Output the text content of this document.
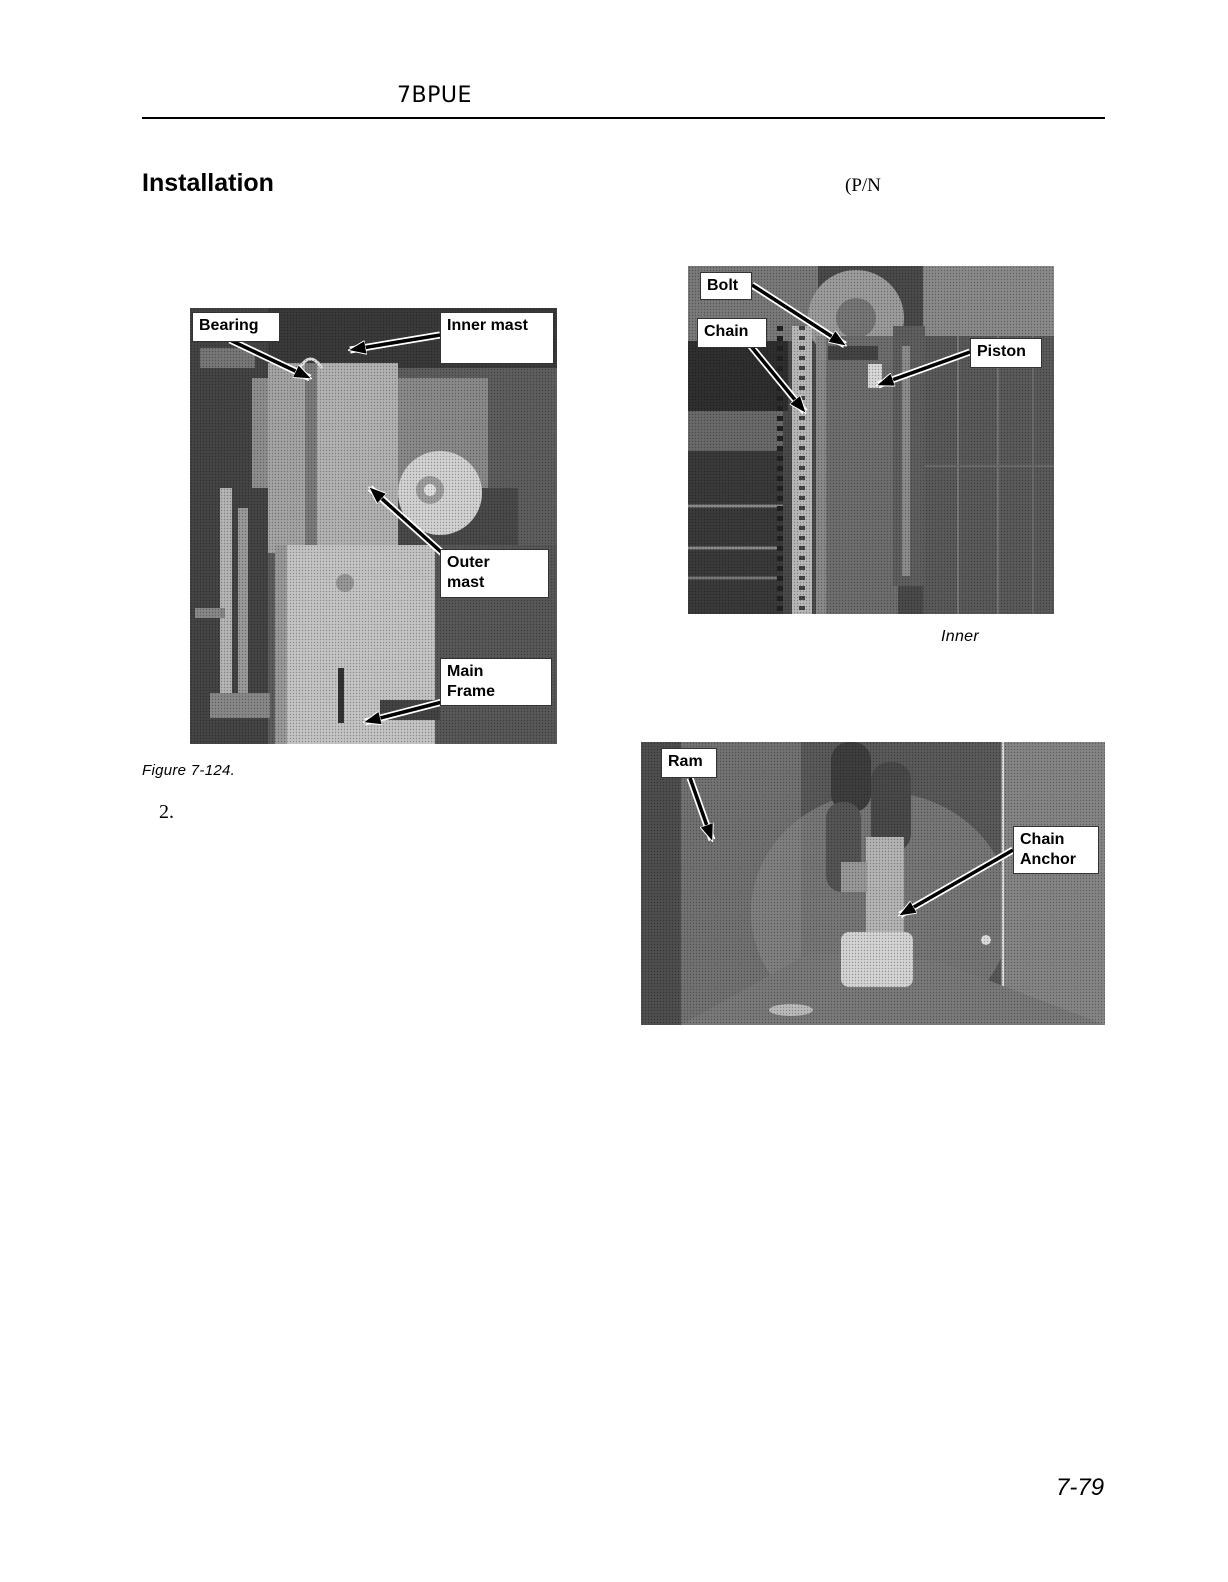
7BPUE
Installation	(P/N
Bearing	Inner mast
Outer
mast
Main
Frame
Figure 7-124.
2.
Bolt
Chain
Piston
Inner
Ram
Chain
Anchor
7-79
